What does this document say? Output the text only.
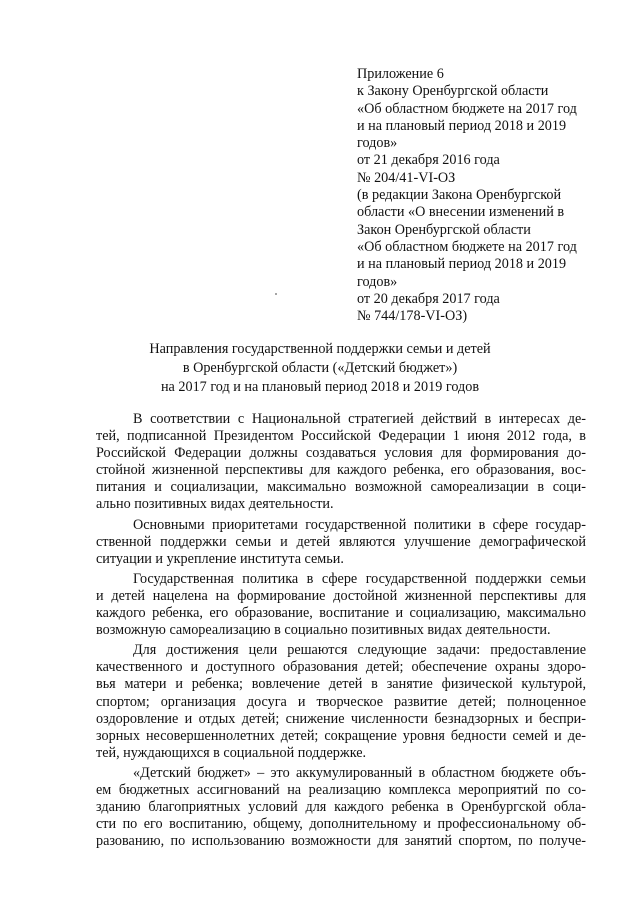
Приложение 6
к Закону Оренбургской области
«Об областном бюджете на 2017 год
и на плановый период 2018 и 2019
годов»
от 21 декабря 2016 года
№ 204/41-VI-ОЗ
(в редакции Закона Оренбургской
области «О внесении изменений в
Закон Оренбургской области
«Об областном бюджете на 2017 год
и на плановый период 2018 и 2019
годов»
от 20 декабря 2017 года
№ 744/178-VI-ОЗ)
Направления государственной поддержки семьи и детей
в Оренбургской области («Детский бюджет»)
на 2017 год и на плановый период 2018 и 2019 годов
В соответствии с Национальной стратегией действий в интересах де-
тей, подписанной Президентом Российской Федерации 1 июня 2012 года, в
Российской Федерации должны создаваться условия для формирования до-
стойной жизненной перспективы для каждого ребенка, его образования, вос-
питания и социализации, максимально возможной самореализации в соци-
ально позитивных видах деятельности.
Основными приоритетами государственной политики в сфере государ-
ственной поддержки семьи и детей являются улучшение демографической
ситуации и укрепление института семьи.
Государственная политика в сфере государственной поддержки семьи
и детей нацелена на формирование достойной жизненной перспективы для
каждого ребенка, его образование, воспитание и социализацию, максимально
возможную самореализацию в социально позитивных видах деятельности.
Для достижения цели решаются следующие задачи: предоставление
качественного и доступного образования детей; обеспечение охраны здоро-
вья матери и ребенка; вовлечение детей в занятие физической культурой,
спортом; организация досуга и творческое развитие детей; полноценное
оздоровление и отдых детей; снижение численности безнадзорных и беспри-
зорных несовершеннолетних детей; сокращение уровня бедности семей и де-
тей, нуждающихся в социальной поддержке.
«Детский бюджет» – это аккумулированный в областном бюджете объ-
ем бюджетных ассигнований на реализацию комплекса мероприятий по со-
зданию благоприятных условий для каждого ребенка в Оренбургской обла-
сти по его воспитанию, общему, дополнительному и профессиональному об-
разованию, по использованию возможности для занятий спортом, по получе-
